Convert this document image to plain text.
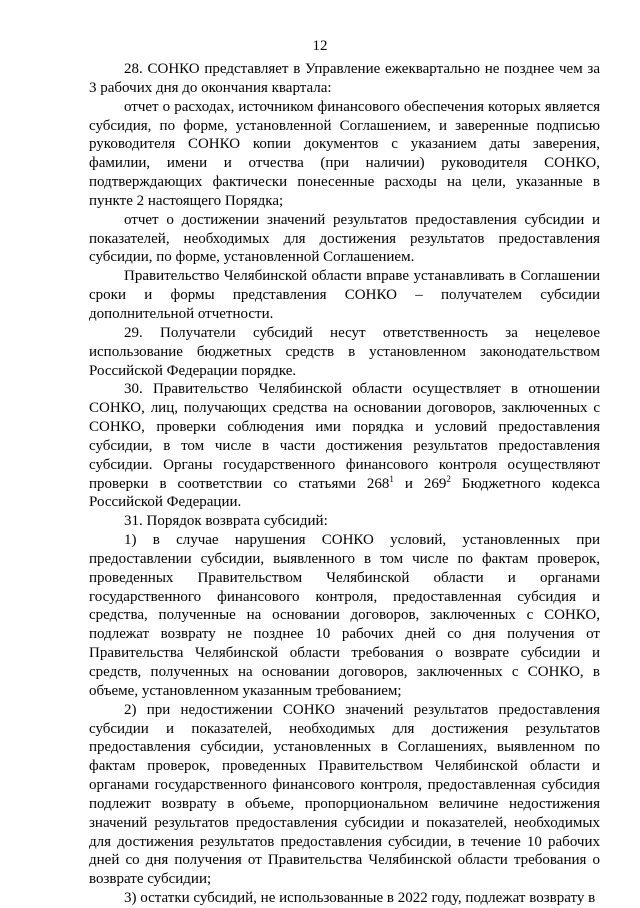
12

28. СОНКО представляет в Управление ежеквартально не позднее чем за 3 рабочих дня до окончания квартала:

отчет о расходах, источником финансового обеспечения которых является субсидия, по форме, установленной Соглашением, и заверенные подписью руководителя СОНКО копии документов с указанием даты заверения, фамилии, имени и отчества (при наличии) руководителя СОНКО, подтверждающих фактически понесенные расходы на цели, указанные в пункте 2 настоящего Порядка;

отчет о достижении значений результатов предоставления субсидии и показателей, необходимых для достижения результатов предоставления субсидии, по форме, установленной Соглашением.

Правительство Челябинской области вправе устанавливать в Соглашении сроки и формы представления СОНКО – получателем субсидии дополнительной отчетности.

29. Получатели субсидий несут ответственность за нецелевое использование бюджетных средств в установленном законодательством Российской Федерации порядке.

30. Правительство Челябинской области осуществляет в отношении СОНКО, лиц, получающих средства на основании договоров, заключенных с СОНКО, проверки соблюдения ими порядка и условий предоставления субсидии, в том числе в части достижения результатов предоставления субсидии. Органы государственного финансового контроля осуществляют проверки в соответствии со статьями $268^1$ и $269^2$ Бюджетного кодекса Российской Федерации.

31. Порядок возврата субсидий:

1) в случае нарушения СОНКО условий, установленных при предоставлении субсидии, выявленного в том числе по фактам проверок, проведенных Правительством Челябинской области и органами государственного финансового контроля, предоставленная субсидия и средства, полученные на основании договоров, заключенных с СОНКО, подлежат возврату не позднее 10 рабочих дней со дня получения от Правительства Челябинской области требования о возврате субсидии и средств, полученных на основании договоров, заключенных с СОНКО, в объеме, установленном указанным требованием;

2) при недостижении СОНКО значений результатов предоставления субсидии и показателей, необходимых для достижения результатов предоставления субсидии, установленных в Соглашениях, выявленном по фактам проверок, проведенных Правительством Челябинской области и органами государственного финансового контроля, предоставленная субсидия подлежит возврату в объеме, пропорциональном величине недостижения значений результатов предоставления субсидии и показателей, необходимых для достижения результатов предоставления субсидии, в течение 10 рабочих дней со дня получения от Правительства Челябинской области требования о возврате субсидии;

3) остатки субсидий, не использованные в 2022 году, подлежат возврату в
